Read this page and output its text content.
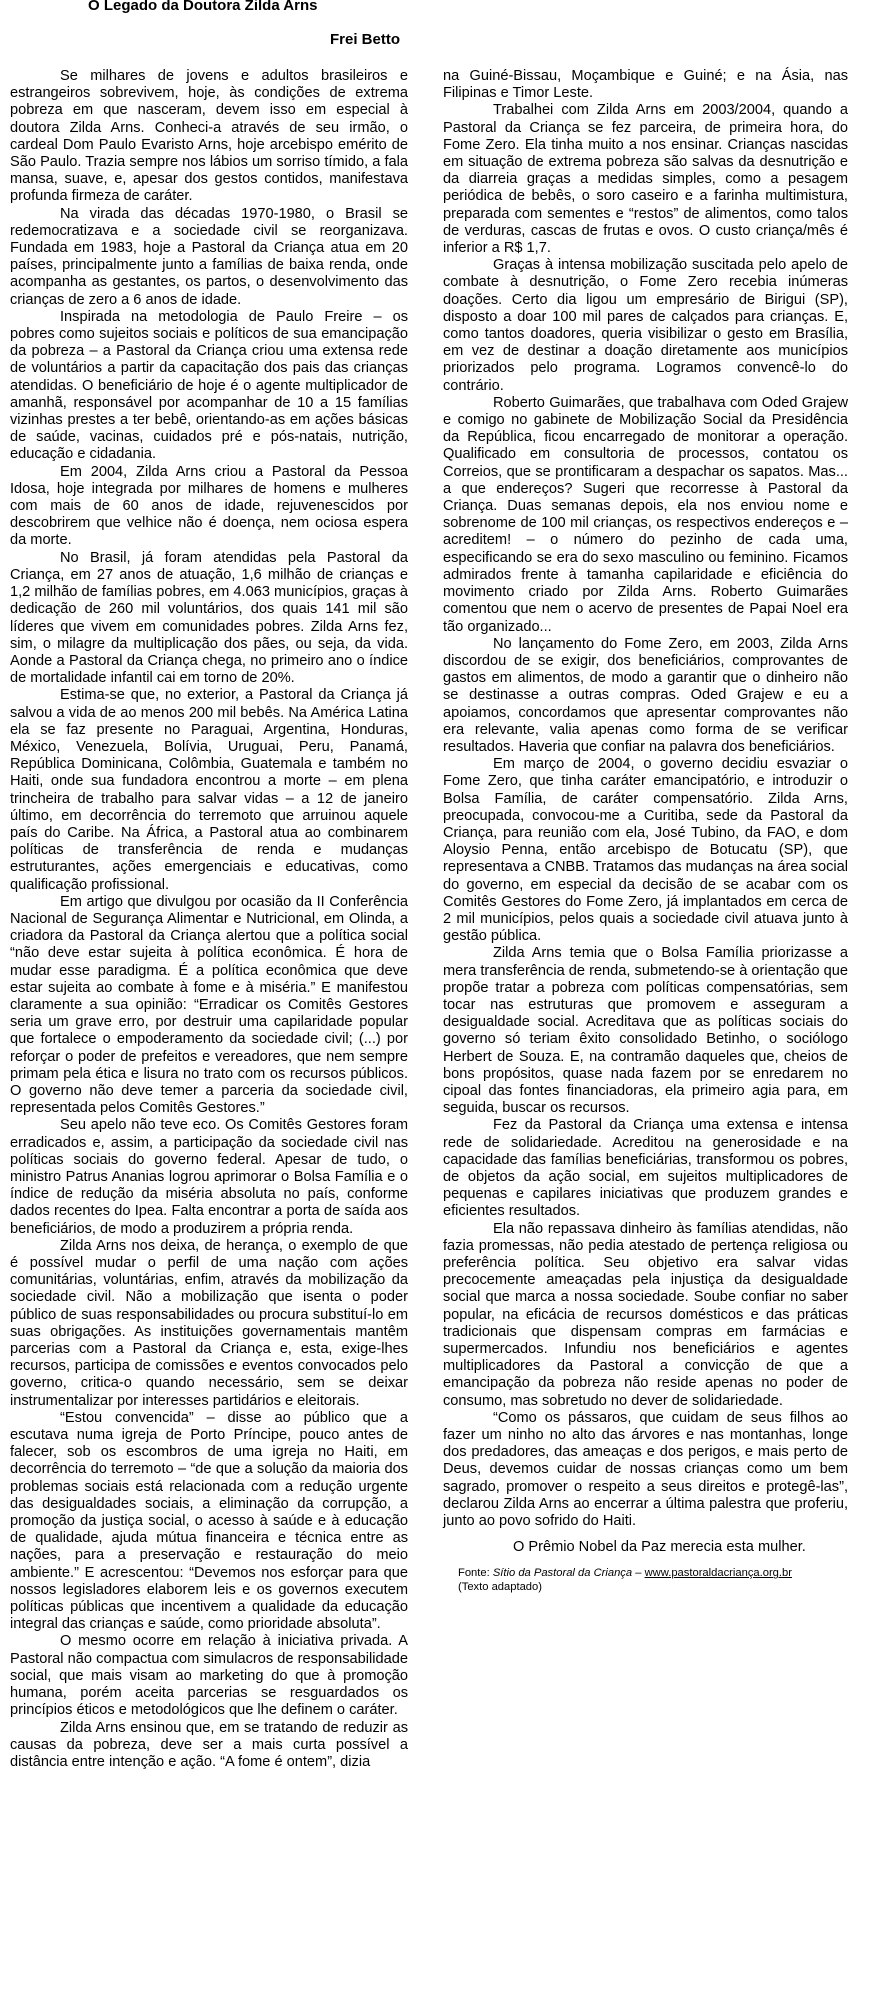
O Legado da Doutora Zilda Arns
Frei Betto

Se milhares de jovens e adultos brasileiros e estrangeiros sobrevivem, hoje, às condições de extrema pobreza em que nasceram, devem isso em especial à doutora Zilda Arns. Conheci-a através de seu irmão, o cardeal Dom Paulo Evaristo Arns, hoje arcebispo emérito de São Paulo. Trazia sempre nos lábios um sorriso tímido, a fala mansa, suave, e, apesar dos gestos contidos, manifestava profunda firmeza de caráter.

Na virada das décadas 1970-1980, o Brasil se redemocratizava e a sociedade civil se reorganizava. Fundada em 1983, hoje a Pastoral da Criança atua em 20 países, principalmente junto a famílias de baixa renda, onde acompanha as gestantes, os partos, o desenvolvimento das crianças de zero a 6 anos de idade.

Inspirada na metodologia de Paulo Freire – os pobres como sujeitos sociais e políticos de sua emancipação da pobreza – a Pastoral da Criança criou uma extensa rede de voluntários a partir da capacitação dos pais das crianças atendidas. O beneficiário de hoje é o agente multiplicador de amanhã, responsável por acompanhar de 10 a 15 famílias vizinhas prestes a ter bebê, orientando-as em ações básicas de saúde, vacinas, cuidados pré e pós-natais, nutrição, educação e cidadania.

Em 2004, Zilda Arns criou a Pastoral da Pessoa Idosa, hoje integrada por milhares de homens e mulheres com mais de 60 anos de idade, rejuvenescidos por descobrirem que velhice não é doença, nem ociosa espera da morte.

No Brasil, já foram atendidas pela Pastoral da Criança, em 27 anos de atuação, 1,6 milhão de crianças e 1,2 milhão de famílias pobres, em 4.063 municípios, graças à dedicação de 260 mil voluntários, dos quais 141 mil são líderes que vivem em comunidades pobres. Zilda Arns fez, sim, o milagre da multiplicação dos pães, ou seja, da vida. Aonde a Pastoral da Criança chega, no primeiro ano o índice de mortalidade infantil cai em torno de 20%.

Estima-se que, no exterior, a Pastoral da Criança já salvou a vida de ao menos 200 mil bebês. Na América Latina ela se faz presente no Paraguai, Argentina, Honduras, México, Venezuela, Bolívia, Uruguai, Peru, Panamá, República Dominicana, Colômbia, Guatemala e também no Haiti, onde sua fundadora encontrou a morte – em plena trincheira de trabalho para salvar vidas – a 12 de janeiro último, em decorrência do terremoto que arruinou aquele país do Caribe. Na África, a Pastoral atua ao combinarem políticas de transferência de renda e mudanças estruturantes, ações emergenciais e educativas, como qualificação profissional.

Em artigo que divulgou por ocasião da II Conferência Nacional de Segurança Alimentar e Nutricional, em Olinda, a criadora da Pastoral da Criança alertou que a política social “não deve estar sujeita à política econômica. É hora de mudar esse paradigma. É a política econômica que deve estar sujeita ao combate à fome e à miséria.” E manifestou claramente a sua opinião: “Erradicar os Comitês Gestores seria um grave erro, por destruir uma capilaridade popular que fortalece o empoderamento da sociedade civil; (...) por reforçar o poder de prefeitos e vereadores, que nem sempre primam pela ética e lisura no trato com os recursos públicos. O governo não deve temer a parceria da sociedade civil, representada pelos Comitês Gestores.”

Seu apelo não teve eco. Os Comitês Gestores foram erradicados e, assim, a participação da sociedade civil nas políticas sociais do governo federal. Apesar de tudo, o ministro Patrus Ananias logrou aprimorar o Bolsa Família e o índice de redução da miséria absoluta no país, conforme dados recentes do Ipea. Falta encontrar a porta de saída aos beneficiários, de modo a produzirem a própria renda.

Zilda Arns nos deixa, de herança, o exemplo de que é possível mudar o perfil de uma nação com ações comunitárias, voluntárias, enfim, através da mobilização da sociedade civil. Não a mobilização que isenta o poder público de suas responsabilidades ou procura substituí-lo em suas obrigações. As instituições governamentais mantêm parcerias com a Pastoral da Criança e, esta, exige-lhes recursos, participa de comissões e eventos convocados pelo governo, critica-o quando necessário, sem se deixar instrumentalizar por interesses partidários e eleitorais.

“Estou convencida” – disse ao público que a escutava numa igreja de Porto Príncipe, pouco antes de falecer, sob os escombros de uma igreja no Haiti, em decorrência do terremoto – “de que a solução da maioria dos problemas sociais está relacionada com a redução urgente das desigualdades sociais, a eliminação da corrupção, a promoção da justiça social, o acesso à saúde e à educação de qualidade, ajuda mútua financeira e técnica entre as nações, para a preservação e restauração do meio ambiente.” E acrescentou: “Devemos nos esforçar para que nossos legisladores elaborem leis e os governos executem políticas públicas que incentivem a qualidade da educação integral das crianças e saúde, como prioridade absoluta”.

O mesmo ocorre em relação à iniciativa privada. A Pastoral não compactua com simulacros de responsabilidade social, que mais visam ao marketing do que à promoção humana, porém aceita parcerias se resguardados os princípios éticos e metodológicos que lhe definem o caráter.

Zilda Arns ensinou que, em se tratando de reduzir as causas da pobreza, deve ser a mais curta possível a distância entre intenção e ação. “A fome é ontem”, dizia

na Guiné-Bissau, Moçambique e Guiné; e na Ásia, nas Filipinas e Timor Leste.

Trabalhei com Zilda Arns em 2003/2004, quando a Pastoral da Criança se fez parceira, de primeira hora, do Fome Zero. Ela tinha muito a nos ensinar. Crianças nascidas em situação de extrema pobreza são salvas da desnutrição e da diarreia graças a medidas simples, como a pesagem periódica de bebês, o soro caseiro e a farinha multimistura, preparada com sementes e “restos” de alimentos, como talos de verduras, cascas de frutas e ovos. O custo criança/mês é inferior a R$ 1,7.

Graças à intensa mobilização suscitada pelo apelo de combate à desnutrição, o Fome Zero recebia inúmeras doações. Certo dia ligou um empresário de Birigui (SP), disposto a doar 100 mil pares de calçados para crianças. E, como tantos doadores, queria visibilizar o gesto em Brasília, em vez de destinar a doação diretamente aos municípios priorizados pelo programa. Logramos convencê-lo do contrário.

Roberto Guimarães, que trabalhava com Oded Grajew e comigo no gabinete de Mobilização Social da Presidência da República, ficou encarregado de monitorar a operação. Qualificado em consultoria de processos, contatou os Correios, que se prontificaram a despachar os sapatos. Mas... a que endereços? Sugeri que recorresse à Pastoral da Criança. Duas semanas depois, ela nos enviou nome e sobrenome de 100 mil crianças, os respectivos endereços e – acreditem! – o número do pezinho de cada uma, especificando se era do sexo masculino ou feminino. Ficamos admirados frente à tamanha capilaridade e eficiência do movimento criado por Zilda Arns. Roberto Guimarães comentou que nem o acervo de presentes de Papai Noel era tão organizado...

No lançamento do Fome Zero, em 2003, Zilda Arns discordou de se exigir, dos beneficiários, comprovantes de gastos em alimentos, de modo a garantir que o dinheiro não se destinasse a outras compras. Oded Grajew e eu a apoiamos, concordamos que apresentar comprovantes não era relevante, valia apenas como forma de se verificar resultados. Haveria que confiar na palavra dos beneficiários.

Em março de 2004, o governo decidiu esvaziar o Fome Zero, que tinha caráter emancipatório, e introduzir o Bolsa Família, de caráter compensatório. Zilda Arns, preocupada, convocou-me a Curitiba, sede da Pastoral da Criança, para reunião com ela, José Tubino, da FAO, e dom Aloysio Penna, então arcebispo de Botucatu (SP), que representava a CNBB. Tratamos das mudanças na área social do governo, em especial da decisão de se acabar com os Comitês Gestores do Fome Zero, já implantados em cerca de 2 mil municípios, pelos quais a sociedade civil atuava junto à gestão pública.

Zilda Arns temia que o Bolsa Família priorizasse a mera transferência de renda, submetendo-se à orientação que propõe tratar a pobreza com políticas compensatórias, sem tocar nas estruturas que promovem e asseguram a desigualdade social. Acreditava que as políticas sociais do governo só teriam êxito consolidado Betinho, o sociólogo Herbert de Souza. E, na contramão daqueles que, cheios de bons propósitos, quase nada fazem por se enredarem no cipoal das fontes financiadoras, ela primeiro agia para, em seguida, buscar os recursos.

Fez da Pastoral da Criança uma extensa e intensa rede de solidariedade. Acreditou na generosidade e na capacidade das famílias beneficiárias, transformou os pobres, de objetos da ação social, em sujeitos multiplicadores de pequenas e capilares iniciativas que produzem grandes e eficientes resultados.

Ela não repassava dinheiro às famílias atendidas, não fazia promessas, não pedia atestado de pertença religiosa ou preferência política. Seu objetivo era salvar vidas precocemente ameaçadas pela injustiça da desigualdade social que marca a nossa sociedade. Soube confiar no saber popular, na eficácia de recursos domésticos e das práticas tradicionais que dispensam compras em farmácias e supermercados. Infundiu nos beneficiários e agentes multiplicadores da Pastoral a convicção de que a emancipação da pobreza não reside apenas no poder de consumo, mas sobretudo no dever de solidariedade.

“Como os pássaros, que cuidam de seus filhos ao fazer um ninho no alto das árvores e nas montanhas, longe dos predadores, das ameaças e dos perigos, e mais perto de Deus, devemos cuidar de nossas crianças como um bem sagrado, promover o respeito a seus direitos e protegê-las”, declarou Zilda Arns ao encerrar a última palestra que proferiu, junto ao povo sofrido do Haiti.

O Prêmio Nobel da Paz merecia esta mulher.

Fonte: Sítio da Pastoral da Criança – www.pastoraldacriança.org.br
(Texto adaptado)
